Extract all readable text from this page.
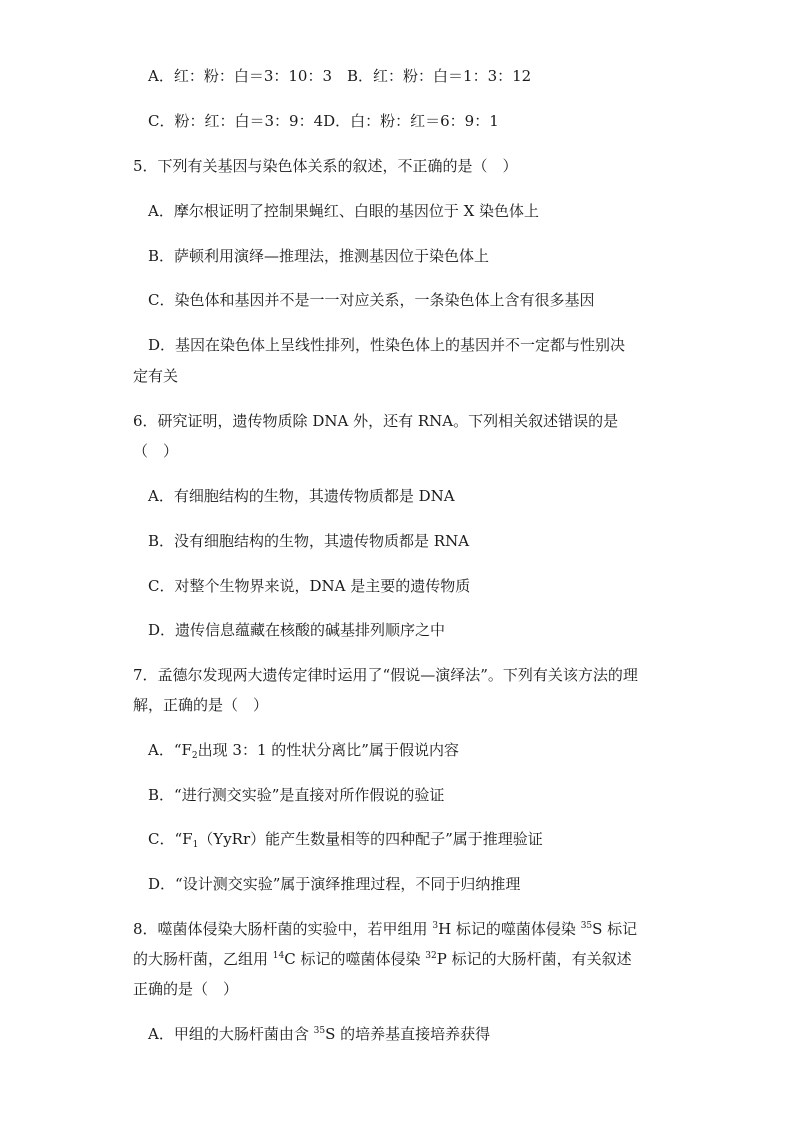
A．红：粉：白＝3：10：3　B．红：粉：白＝1：3：12
C．粉：红：白＝3：9：4D．白：粉：红＝6：9：1
5．下列有关基因与染色体关系的叙述，不正确的是（　）
A．摩尔根证明了控制果蝇红、白眼的基因位于 X 染色体上
B．萨顿利用演绎—推理法，推测基因位于染色体上
C．染色体和基因并不是一一对应关系，一条染色体上含有很多基因
D．基因在染色体上呈线性排列，性染色体上的基因并不一定都与性别决
定有关
6．研究证明，遗传物质除 DNA 外，还有 RNA。下列相关叙述错误的是
（　）
A．有细胞结构的生物，其遗传物质都是 DNA
B．没有细胞结构的生物，其遗传物质都是 RNA
C．对整个生物界来说，DNA 是主要的遗传物质
D．遗传信息蕴藏在核酸的碱基排列顺序之中
7．孟德尔发现两大遗传定律时运用了“假说—演绎法”。下列有关该方法的理
解，正确的是（　）
A．“$F_2$出现 3：1 的性状分离比”属于假说内容
B．“进行测交实验”是直接对所作假说的验证
C．“$F_1(YyRr)$能产生数量相等的四种配子”属于推理验证
D．“设计测交实验”属于演绎推理过程，不同于归纳推理
8．噬菌体侵染大肠杆菌的实验中，若甲组用 $^3$H 标记的噬菌体侵染 $^{35}$S 标记
的大肠杆菌，乙组用 $^{14}$C 标记的噬菌体侵染 $^{32}$P 标记的大肠杆菌，有关叙述
正确的是（　）
A．甲组的大肠杆菌由含 $^{35}$S 的培养基直接培养获得
